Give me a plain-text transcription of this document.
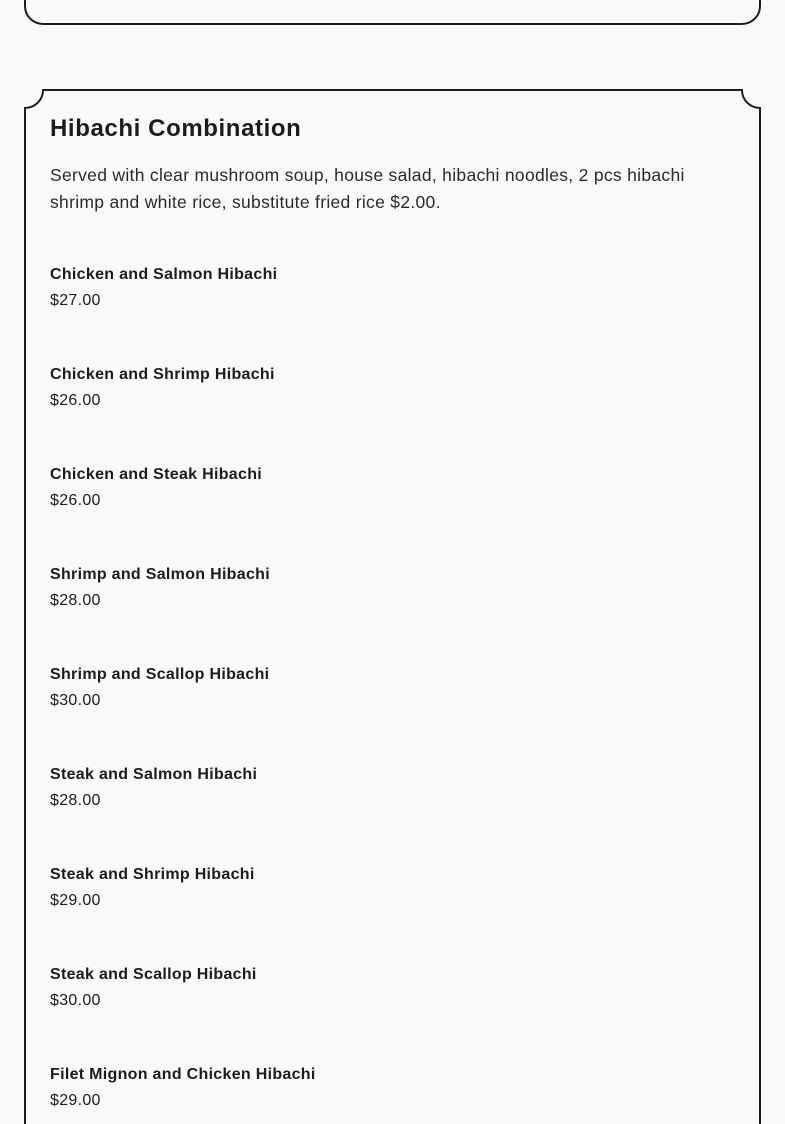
Hibachi Combination

Served with clear mushroom soup, house salad, hibachi noodles, 2 pcs hibachi shrimp and white rice, substitute fried rice $2.00.

Chicken and Salmon Hibachi
$27.00
Chicken and Shrimp Hibachi
$26.00
Chicken and Steak Hibachi
$26.00
Shrimp and Salmon Hibachi
$28.00
Shrimp and Scallop Hibachi
$30.00
Steak and Salmon Hibachi
$28.00
Steak and Shrimp Hibachi
$29.00
Steak and Scallop Hibachi
$30.00
Filet Mignon and Chicken Hibachi
$29.00
